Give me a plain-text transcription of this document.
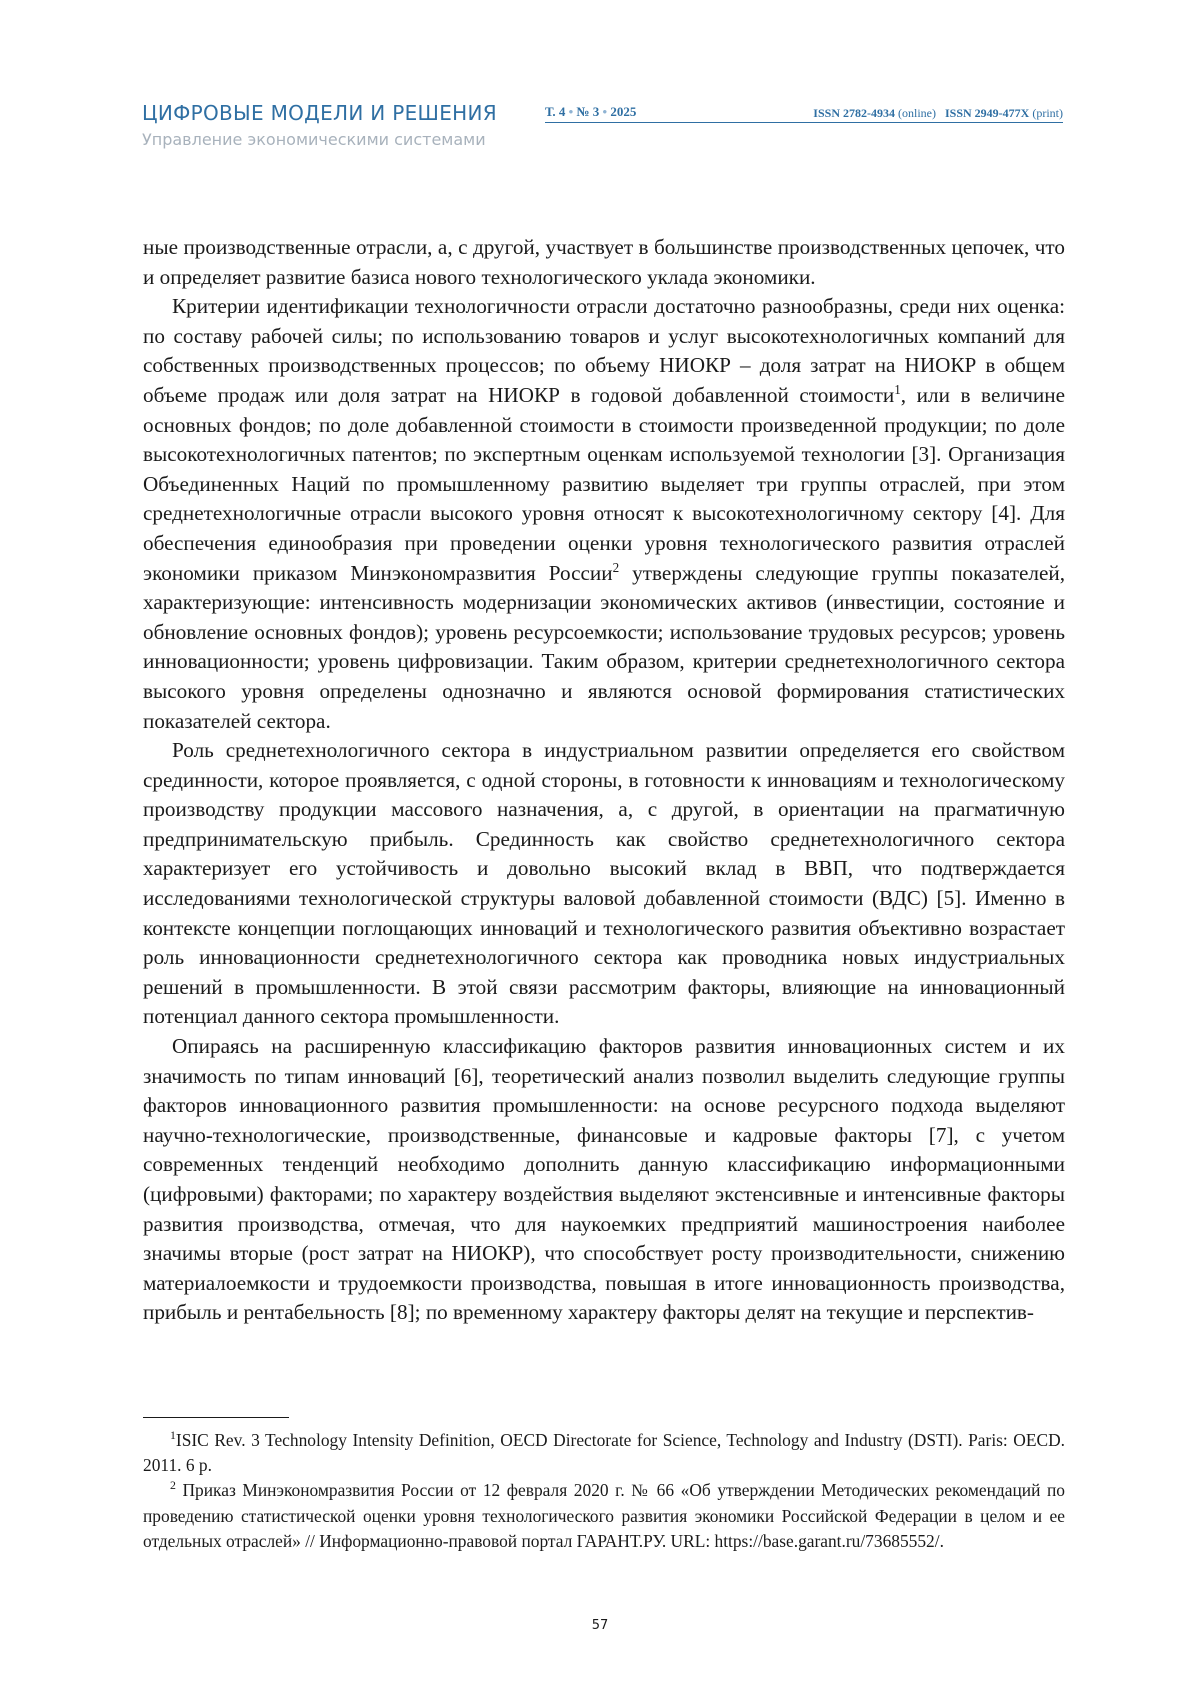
ЦИФРОВЫЕ МОДЕЛИ И РЕШЕНИЯ
Управление экономическими системами
Т. 4 • № 3 • 2025	ISSN 2782-4934 (online) ISSN 2949-477X (print)

ные производственные отрасли, а, с другой, участвует в большинстве производственных цепочек, что и определяет развитие базиса нового технологического уклада экономики.

Критерии идентификации технологичности отрасли достаточно разнообразны, среди них оценка: по составу рабочей силы; по использованию товаров и услуг высокотехнологичных компаний для собственных производственных процессов; по объему НИОКР – доля затрат на НИОКР в общем объеме продаж или доля затрат на НИОКР в годовой добавленной стоимости1, или в величине основных фондов; по доле добавленной стоимости в стоимости произведенной продукции; по доле высокотехнологичных патентов; по экспертным оценкам используемой технологии [3]. Организация Объединенных Наций по промышленному развитию выделяет три группы отраслей, при этом среднетехнологичные отрасли высокого уровня относят к высокотехнологичному сектору [4]. Для обеспечения единообразия при проведении оценки уровня технологического развития отраслей экономики приказом Минэкономразвития России2 утверждены следующие группы показателей, характеризующие: интенсивность модернизации экономических активов (инвестиции, состояние и обновление основных фондов); уровень ресурсоемкости; использование трудовых ресурсов; уровень инновационности; уровень цифровизации. Таким образом, критерии среднетехнологичного сектора высокого уровня определены однозначно и являются основой формирования статистических показателей сектора.

Роль среднетехнологичного сектора в индустриальном развитии определяется его свойством срединности, которое проявляется, с одной стороны, в готовности к инновациям и технологическому производству продукции массового назначения, а, с другой, в ориентации на прагматичную предпринимательскую прибыль. Срединность как свойство среднетехнологичного сектора характеризует его устойчивость и довольно высокий вклад в ВВП, что подтверждается исследованиями технологической структуры валовой добавленной стоимости (ВДС) [5]. Именно в контексте концепции поглощающих инноваций и технологического развития объективно возрастает роль инновационности среднетехнологичного сектора как проводника новых индустриальных решений в промышленности. В этой связи рассмотрим факторы, влияющие на инновационный потенциал данного сектора промышленности.

Опираясь на расширенную классификацию факторов развития инновационных систем и их значимость по типам инноваций [6], теоретический анализ позволил выделить следующие группы факторов инновационного развития промышленности: на основе ресурсного подхода выделяют научно-технологические, производственные, финансовые и кадровые факторы [7], с учетом современных тенденций необходимо дополнить данную классификацию информационными (цифровыми) факторами; по характеру воздействия выделяют экстенсивные и интенсивные факторы развития производства, отмечая, что для наукоемких предприятий машиностроения наиболее значимы вторые (рост затрат на НИОКР), что способствует росту производительности, снижению материалоемкости и трудоемкости производства, повышая в итоге инновационность производства, прибыль и рентабельность [8]; по временному характеру факторы делят на текущие и перспектив-

1ISIC Rev. 3 Technology Intensity Definition, OECD Directorate for Science, Technology and Industry (DSTI). Paris: OECD. 2011. 6 p.

2 Приказ Минэкономразвития России от 12 февраля 2020 г. № 66 «Об утверждении Методических рекомендаций по проведению статистической оценки уровня технологического развития экономики Российской Федерации в целом и ее отдельных отраслей» // Информационно-правовой портал ГАРАНТ.РУ. URL: https://base.garant.ru/73685552/.

57
